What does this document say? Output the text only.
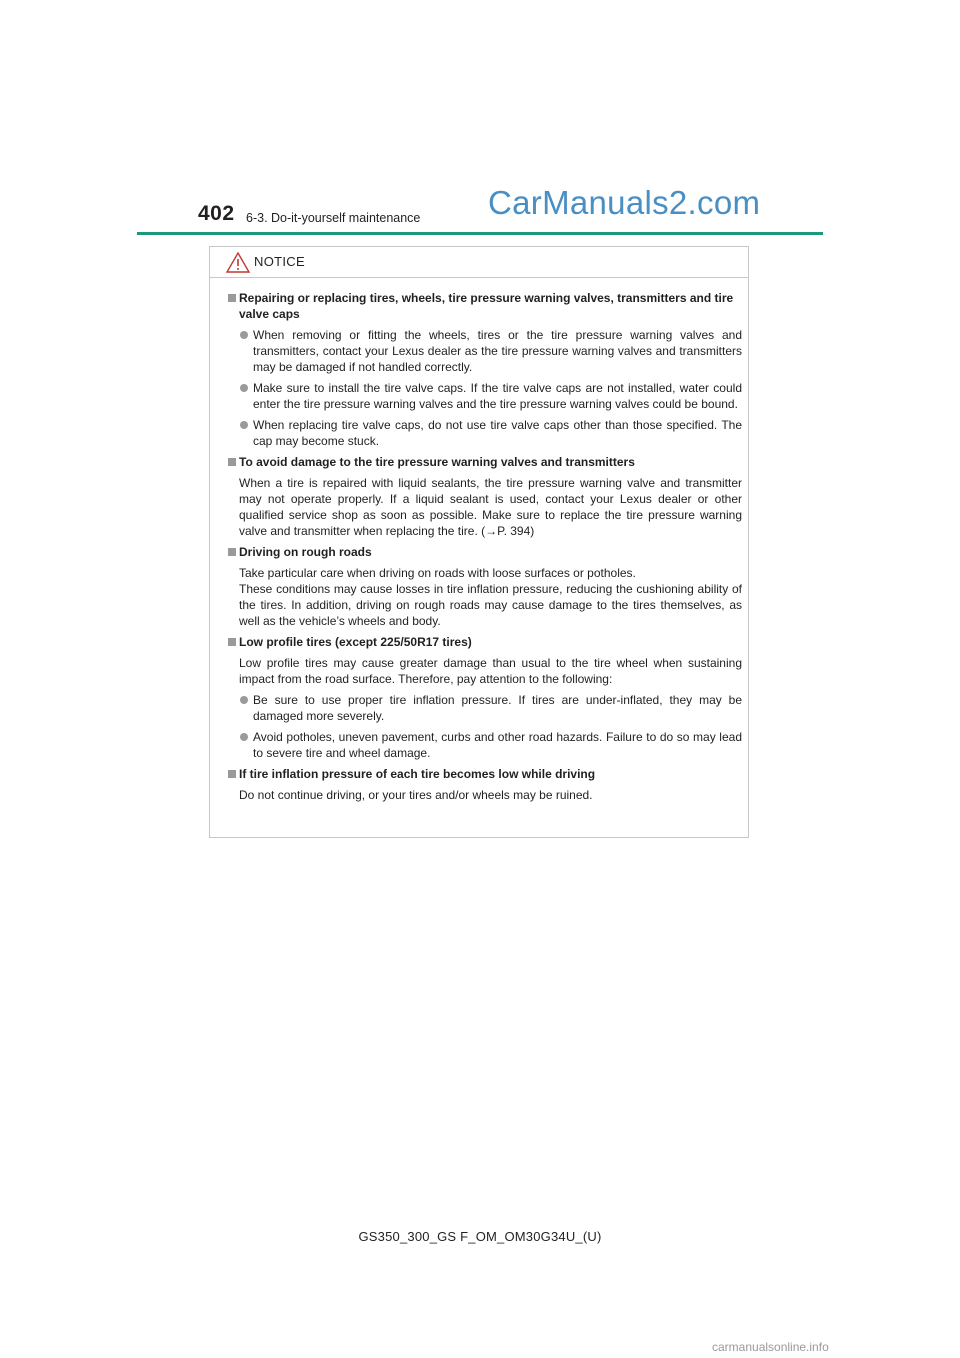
402 6-3. Do-it-yourself maintenance CarManuals2.com
NOTICE
Repairing or replacing tires, wheels, tire pressure warning valves, transmitters and tire valve caps
When removing or fitting the wheels, tires or the tire pressure warning valves and transmitters, contact your Lexus dealer as the tire pressure warning valves and transmitters may be damaged if not handled correctly.
Make sure to install the tire valve caps. If the tire valve caps are not installed, water could enter the tire pressure warning valves and the tire pressure warning valves could be bound.
When replacing tire valve caps, do not use tire valve caps other than those specified. The cap may become stuck.
To avoid damage to the tire pressure warning valves and transmitters
When a tire is repaired with liquid sealants, the tire pressure warning valve and transmitter may not operate properly. If a liquid sealant is used, contact your Lexus dealer or other qualified service shop as soon as possible. Make sure to replace the tire pressure warning valve and transmitter when replacing the tire. (→P. 394)
Driving on rough roads
Take particular care when driving on roads with loose surfaces or potholes.
These conditions may cause losses in tire inflation pressure, reducing the cushioning ability of the tires. In addition, driving on rough roads may cause damage to the tires themselves, as well as the vehicle’s wheels and body.
Low profile tires (except 225/50R17 tires)
Low profile tires may cause greater damage than usual to the tire wheel when sustaining impact from the road surface. Therefore, pay attention to the following:
Be sure to use proper tire inflation pressure. If tires are under-inflated, they may be damaged more severely.
Avoid potholes, uneven pavement, curbs and other road hazards. Failure to do so may lead to severe tire and wheel damage.
If tire inflation pressure of each tire becomes low while driving
Do not continue driving, or your tires and/or wheels may be ruined.
GS350_300_GS F_OM_OM30G34U_(U)
carmanualsonline.info
